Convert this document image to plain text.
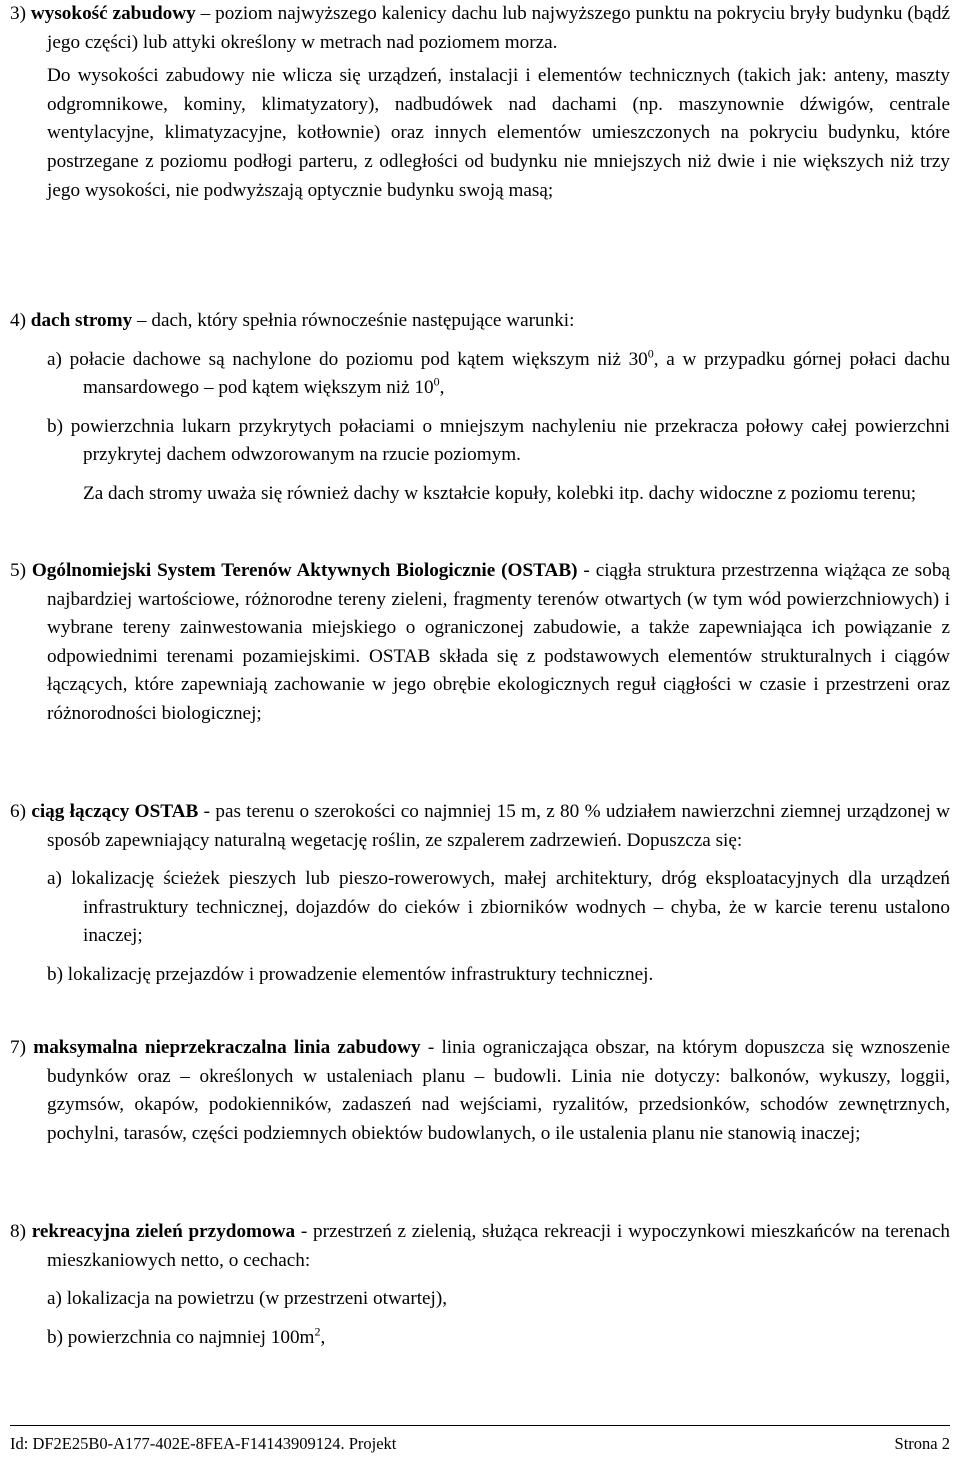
3) wysokość zabudowy – poziom najwyższego kalenicy dachu lub najwyższego punktu na pokryciu bryły budynku (bądź jego części) lub attyki określony w metrach nad poziomem morza.

Do wysokości zabudowy nie wlicza się urządzeń, instalacji i elementów technicznych (takich jak: anteny, maszty odgromnikowe, kominy, klimatyzatory), nadbudówek nad dachami (np. maszynownie dźwigów, centrale wentylacyjne, klimatyzacyjne, kotłownie) oraz innych elementów umieszczonych na pokryciu budynku, które postrzegane z poziomu podłogi parteru, z odległości od budynku nie mniejszych niż dwie i nie większych niż trzy jego wysokości, nie podwyższają optycznie budynku swoją masą;

4) dach stromy – dach, który spełnia równocześnie następujące warunki:

a) połacie dachowe są nachylone do poziomu pod kątem większym niż $30^0$, a w przypadku górnej połaci dachu mansardowego – pod kątem większym niż $10^0$,

b) powierzchnia lukarn przykrytych połaciami o mniejszym nachyleniu nie przekracza połowy całej powierzchni przykrytej dachem odwzorowanym na rzucie poziomym.

Za dach stromy uważa się również dachy w kształcie kopuły, kolebki itp. dachy widoczne z poziomu terenu;

5) Ogólnomiejski System Terenów Aktywnych Biologicznie (OSTAB) - ciągła struktura przestrzenna wiążąca ze sobą najbardziej wartościowe, różnorodne tereny zieleni, fragmenty terenów otwartych (w tym wód powierzchniowych) i wybrane tereny zainwestowania miejskiego o ograniczonej zabudowie, a także zapewniająca ich powiązanie z odpowiednimi terenami pozamiejskimi. OSTAB składa się z podstawowych elementów strukturalnych i ciągów łączących, które zapewniają zachowanie w jego obrębie ekologicznych reguł ciągłości w czasie i przestrzeni oraz różnorodności biologicznej;

6) ciąg łączący OSTAB - pas terenu o szerokości co najmniej 15 m, z 80 % udziałem nawierzchni ziemnej urządzonej w sposób zapewniający naturalną wegetację roślin, ze szpalerem zadrzewień. Dopuszcza się:

a) lokalizację ścieżek pieszych lub pieszo-rowerowych, małej architektury, dróg eksploatacyjnych dla urządzeń infrastruktury technicznej, dojazdów do cieków i zbiorników wodnych – chyba, że w karcie terenu ustalono inaczej;

b) lokalizację przejazdów i prowadzenie elementów infrastruktury technicznej.

7) maksymalna nieprzekraczalna linia zabudowy - linia ograniczająca obszar, na którym dopuszcza się wznoszenie budynków oraz – określonych w ustaleniach planu – budowli. Linia nie dotyczy: balkonów, wykuszy, loggii, gzymsów, okapów, podokienników, zadaszeń nad wejściami, ryzalitów, przedsionków, schodów zewnętrznych, pochylni, tarasów, części podziemnych obiektów budowlanych, o ile ustalenia planu nie stanowią inaczej;

8) rekreacyjna zieleń przydomowa - przestrzeń z zielenią, służąca rekreacji i wypoczynkowi mieszkańców na terenach mieszkaniowych netto, o cechach:

a) lokalizacja na powietrzu (w przestrzeni otwartej),

b) powierzchnia co najmniej $100m^2$,

Id: DF2E25B0-A177-402E-8FEA-F14143909124. Projekt	Strona 2
